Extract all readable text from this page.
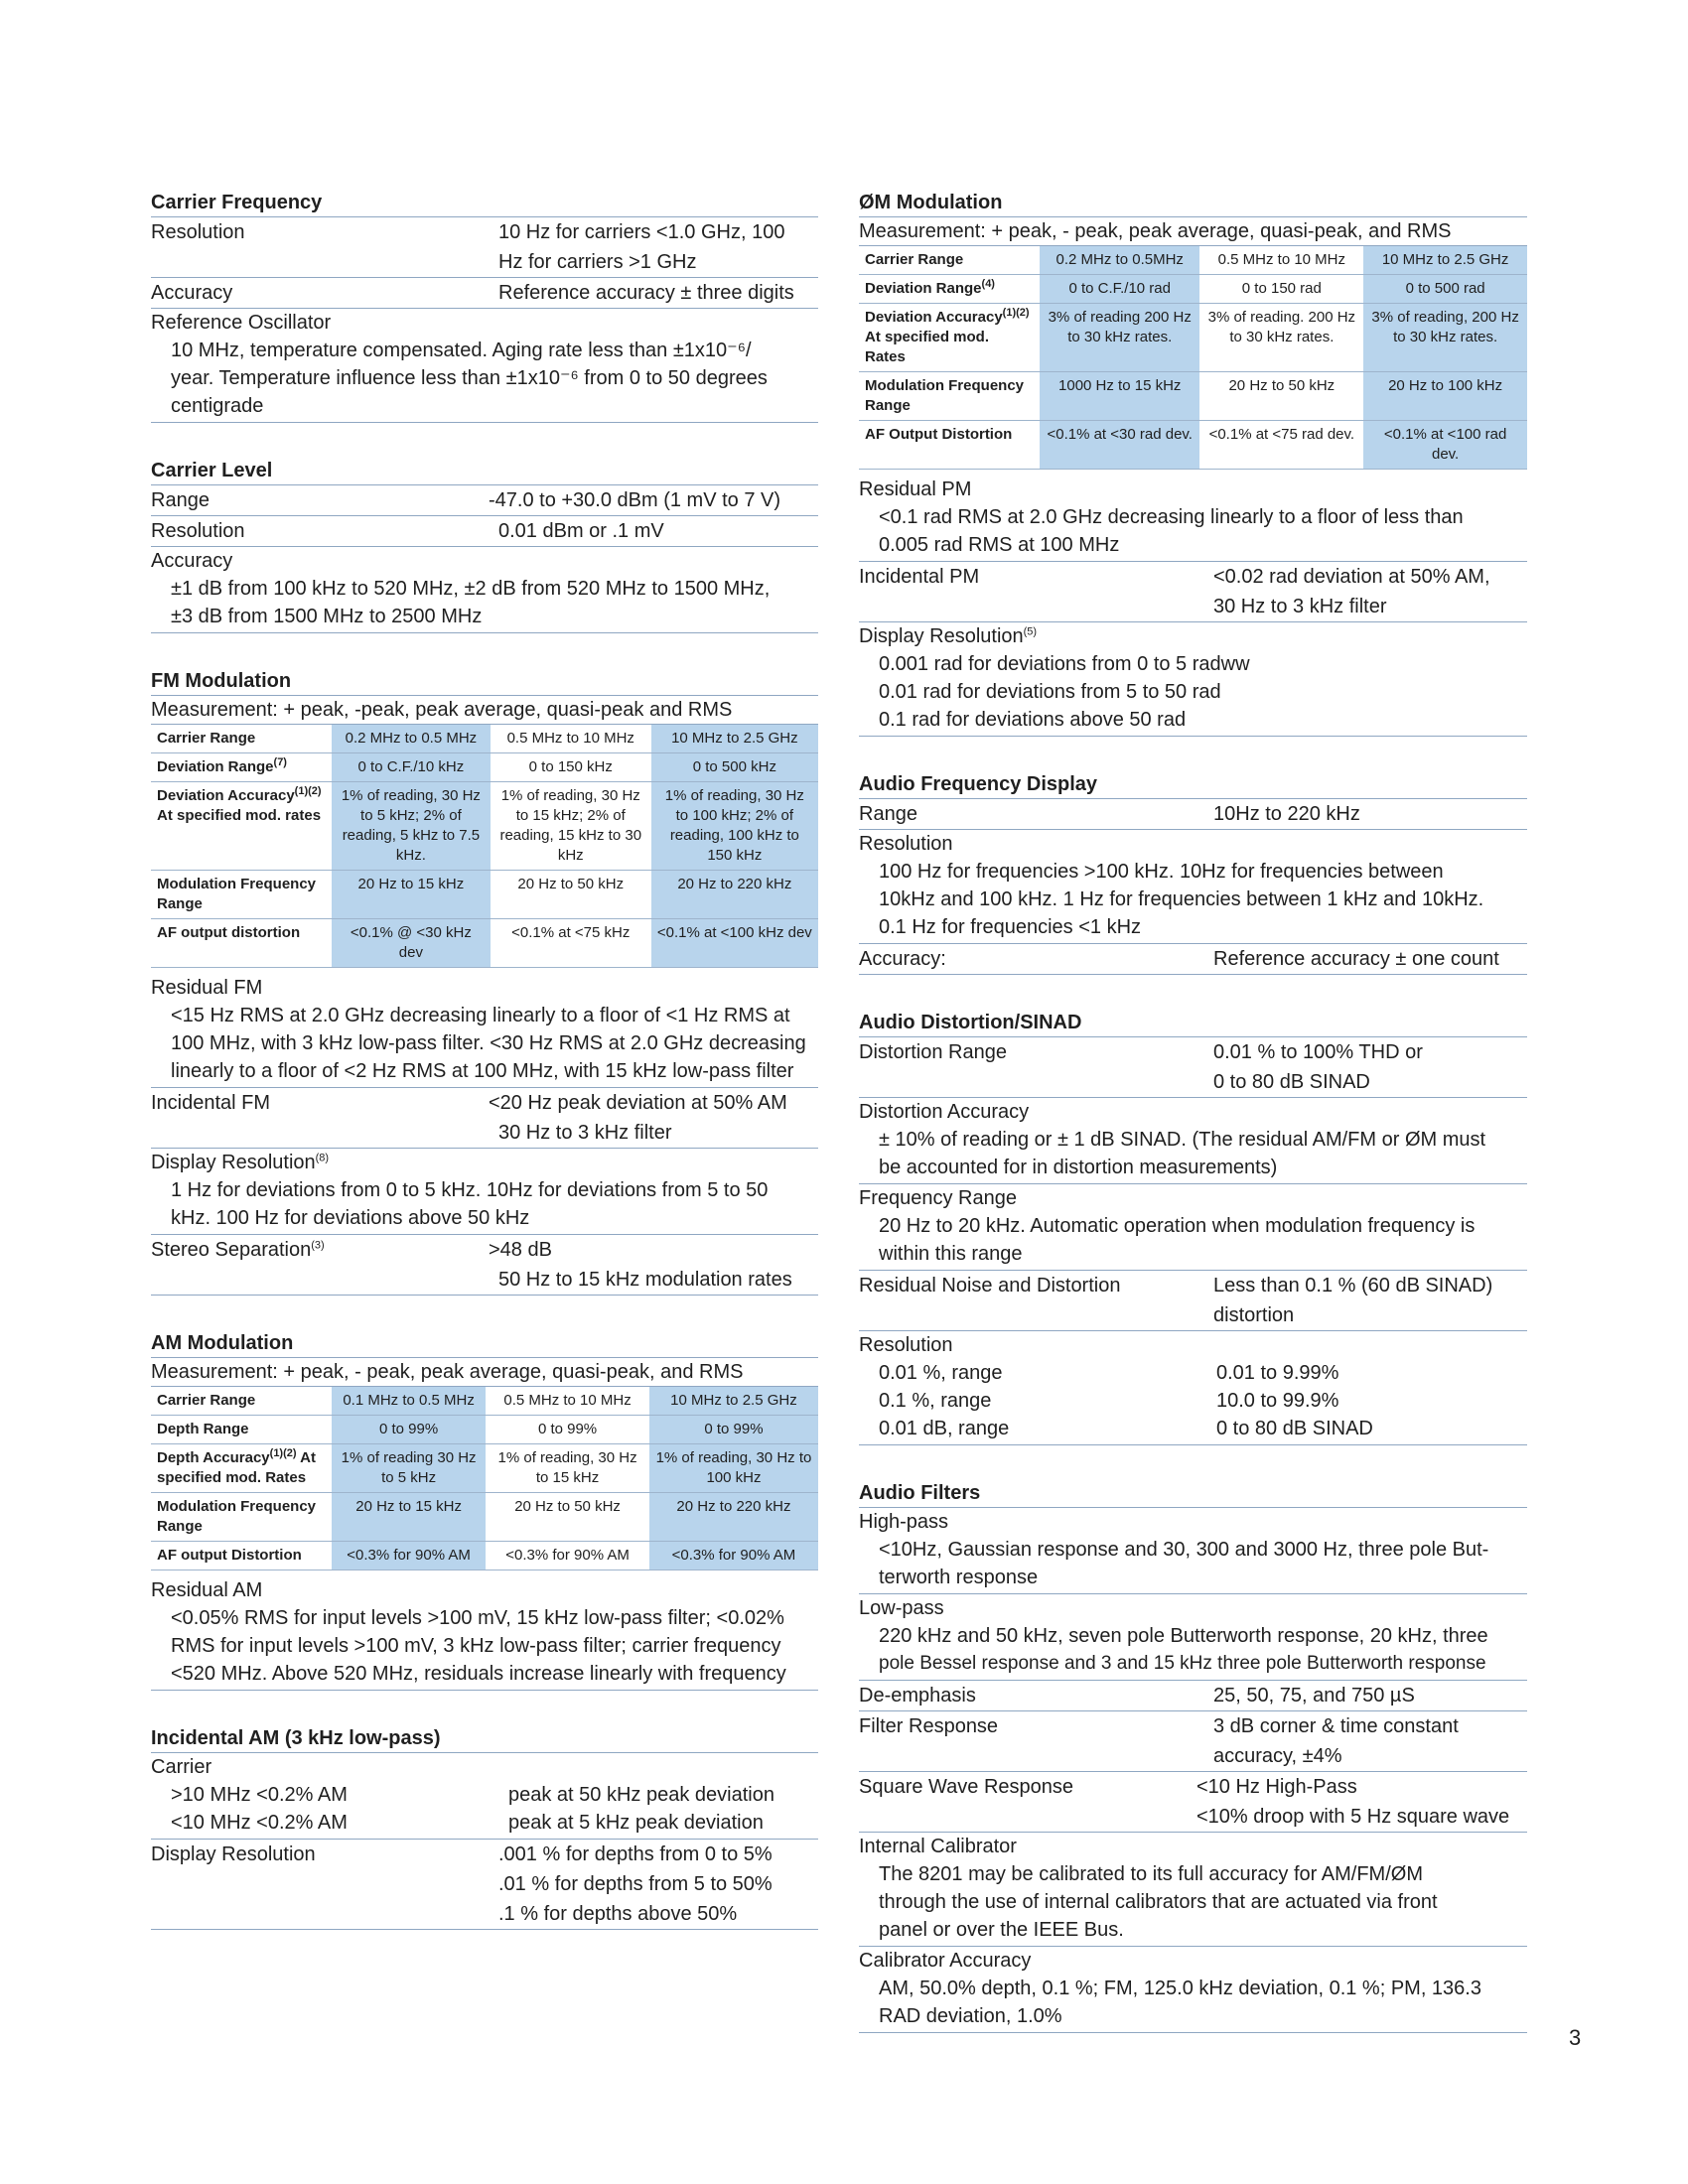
Carrier Frequency
Resolution	10 Hz for carriers <1.0 GHz, 100
Hz for carriers >1 GHz
Accuracy	Reference accuracy ± three digits
Reference Oscillator
10 MHz, temperature compensated. Aging rate less than ±1x10⁻⁶/
year. Temperature influence less than ±1x10⁻⁶ from 0 to 50 degrees
centigrade
Carrier Level
Range	-47.0 to +30.0 dBm (1 mV to 7 V)
Resolution	0.01 dBm or .1 mV
Accuracy
±1 dB from 100 kHz to 520 MHz, ±2 dB from 520 MHz to 1500 MHz,
±3 dB from 1500 MHz to 2500 MHz
FM Modulation
Measurement: + peak, -peak, peak average, quasi-peak and RMS
Carrier Range	0.2 MHz to 0.5 MHz	0.5 MHz to 10 MHz	10 MHz to 2.5 GHz
Deviation Range$^{(7)}$	0 to C.F./10 kHz	0 to 150 kHz	0 to 500 kHz
Deviation Accuracy$^{(1)(2)}$ At specified mod. rates	1% of reading, 30 Hz to 5 kHz; 2% of reading, 5 kHz to 7.5 kHz.	1% of reading, 30 Hz to 15 kHz; 2% of reading, 15 kHz to 30 kHz	1% of reading, 30 Hz to 100 kHz; 2% of reading, 100 kHz to 150 kHz
Modulation Frequency Range	20 Hz to 15 kHz	20 Hz to 50 kHz	20 Hz to 220 kHz
AF output distortion	<0.1% @ <30 kHz dev	<0.1% at <75 kHz	<0.1% at <100 kHz dev
Residual FM
<15 Hz RMS at 2.0 GHz decreasing linearly to a floor of <1 Hz RMS at
100 MHz, with 3 kHz low-pass filter. <30 Hz RMS at 2.0 GHz decreasing
linearly to a floor of <2 Hz RMS at 100 MHz, with 15 kHz low-pass filter
Incidental FM	<20 Hz peak deviation at 50% AM
30 Hz to 3 kHz filter
Display Resolution$^{(8)}$
1 Hz for deviations from 0 to 5 kHz. 10Hz for deviations from 5 to 50
kHz. 100 Hz for deviations above 50 kHz
Stereo Separation$^{(3)}$	>48 dB
50 Hz to 15 kHz modulation rates
AM Modulation
Measurement: + peak, - peak, peak average, quasi-peak, and RMS
Carrier Range	0.1 MHz to 0.5 MHz	0.5 MHz to 10 MHz	10 MHz to 2.5 GHz
Depth Range	0 to 99%	0 to 99%	0 to 99%
Depth Accuracy$^{(1)(2)}$ At specified mod. Rates	1% of reading 30 Hz to 5 kHz	1% of reading, 30 Hz to 15 kHz	1% of reading, 30 Hz to 100 kHz
Modulation Frequency Range	20 Hz to 15 kHz	20 Hz to 50 kHz	20 Hz to 220 kHz
AF output Distortion	<0.3% for 90% AM	<0.3% for 90% AM	<0.3% for 90% AM
Residual AM
<0.05% RMS for input levels >100 mV, 15 kHz low-pass filter; <0.02%
RMS for input levels >100 mV, 3 kHz low-pass filter; carrier frequency
<520 MHz. Above 520 MHz, residuals increase linearly with frequency
Incidental AM (3 kHz low-pass)
Carrier
>10 MHz <0.2% AM	peak at 50 kHz peak deviation
<10 MHz <0.2% AM	peak at 5 kHz peak deviation
Display Resolution	.001 % for depths from 0 to 5%
.01 % for depths from 5 to 50%
.1 % for depths above 50%
ØM Modulation
Measurement: + peak, - peak, peak average, quasi-peak, and RMS
Carrier Range	0.2 MHz to 0.5MHz	0.5 MHz to 10 MHz	10 MHz to 2.5 GHz
Deviation Range$^{(4)}$	0 to C.F./10 rad	0 to 150 rad	0 to 500 rad
Deviation Accuracy$^{(1)(2)}$ At specified mod. Rates	3% of reading 200 Hz to 30 kHz rates.	3% of reading. 200 Hz to 30 kHz rates.	3% of reading, 200 Hz to 30 kHz rates.
Modulation Frequency Range	1000 Hz to 15 kHz	20 Hz to 50 kHz	20 Hz to 100 kHz
AF Output Distortion	<0.1% at <30 rad dev.	<0.1% at <75 rad dev.	<0.1% at <100 rad dev.
Residual PM
<0.1 rad RMS at 2.0 GHz decreasing linearly to a floor of less than
0.005 rad RMS at 100 MHz
Incidental PM	<0.02 rad deviation at 50% AM,
30 Hz to 3 kHz filter
Display Resolution$^{(5)}$
0.001 rad for deviations from 0 to 5 radww
0.01 rad for deviations from 5 to 50 rad
0.1 rad for deviations above 50 rad
Audio Frequency Display
Range	10Hz to 220 kHz
Resolution
100 Hz for frequencies >100 kHz. 10Hz for frequencies between
10kHz and 100 kHz. 1 Hz for frequencies between 1 kHz and 10kHz.
0.1 Hz for frequencies <1 kHz
Accuracy:	Reference accuracy ± one count
Audio Distortion/SINAD
Distortion Range	0.01 % to 100% THD or
0 to 80 dB SINAD
Distortion Accuracy
± 10% of reading or ± 1 dB SINAD. (The residual AM/FM or ØM must
be accounted for in distortion measurements)
Frequency Range
20 Hz to 20 kHz. Automatic operation when modulation frequency is
within this range
Residual Noise and Distortion	Less than 0.1 % (60 dB SINAD)
distortion
Resolution
0.01 %, range	0.01 to 9.99%
0.1 %, range	10.0 to 99.9%
0.01 dB, range	0 to 80 dB SINAD
Audio Filters
High-pass
<10Hz, Gaussian response and 30, 300 and 3000 Hz, three pole But-
terworth response
Low-pass
220 kHz and 50 kHz, seven pole Butterworth response, 20 kHz, three
pole Bessel response and 3 and 15 kHz three pole Butterworth response
De-emphasis	25, 50, 75, and 750 µS
Filter Response	3 dB corner & time constant
accuracy, ±4%
Square Wave Response	<10 Hz High-Pass
<10% droop with 5 Hz square wave
Internal Calibrator
The 8201 may be calibrated to its full accuracy for AM/FM/ØM
through the use of internal calibrators that are actuated via front
panel or over the IEEE Bus.
Calibrator Accuracy
AM, 50.0% depth, 0.1 %; FM, 125.0 kHz deviation, 0.1 %; PM, 136.3
RAD deviation, 1.0%
3
